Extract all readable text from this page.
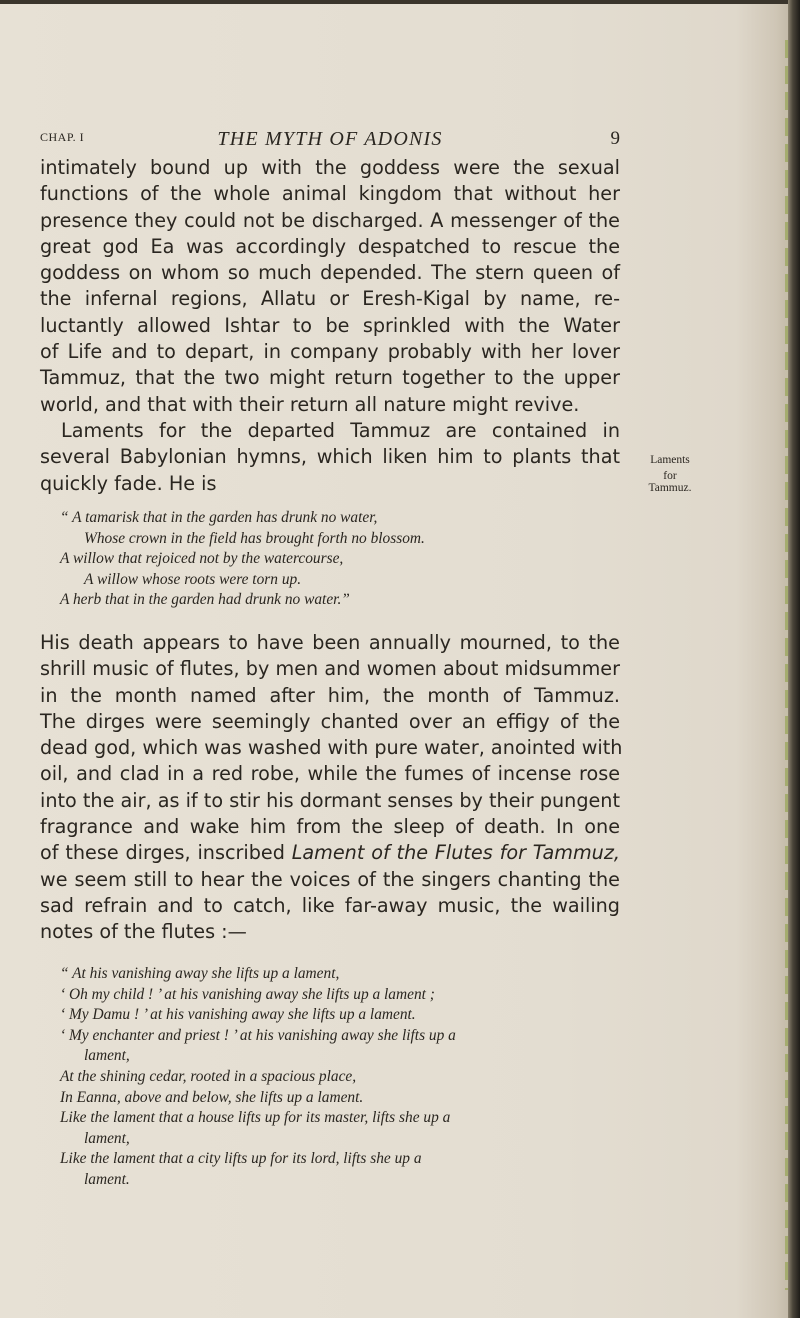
CHAP. I	THE MYTH OF ADONIS	9
intimately bound up with the goddess were the sexual
functions of the whole animal kingdom that without her
presence they could not be discharged. A messenger of the
great god Ea was accordingly despatched to rescue the
goddess on whom so much depended. The stern queen of
the infernal regions, Allatu or Eresh-Kigal by name, re-
luctantly allowed Ishtar to be sprinkled with the Water
of Life and to depart, in company probably with her lover
Tammuz, that the two might return together to the upper
world, and that with their return all nature might revive.
Laments for the departed Tammuz are contained in
several Babylonian hymns, which liken him to plants that
quickly fade. He is
Laments
for
Tammuz.
“ A tamarisk that in the garden has drunk no water,
Whose crown in the field has brought forth no blossom.
A willow that rejoiced not by the watercourse,
A willow whose roots were torn up.
A herb that in the garden had drunk no water.”
His death appears to have been annually mourned, to the
shrill music of flutes, by men and women about midsummer
in the month named after him, the month of Tammuz.
The dirges were seemingly chanted over an effigy of the
dead god, which was washed with pure water, anointed with
oil, and clad in a red robe, while the fumes of incense rose
into the air, as if to stir his dormant senses by their pungent
fragrance and wake him from the sleep of death. In one
of these dirges, inscribed Lament of the Flutes for Tammuz,
we seem still to hear the voices of the singers chanting the
sad refrain and to catch, like far-away music, the wailing
notes of the flutes :—
“ At his vanishing away she lifts up a lament,
‘ Oh my child ! ’ at his vanishing away she lifts up a lament ;
‘ My Damu ! ’ at his vanishing away she lifts up a lament.
‘ My enchanter and priest ! ’ at his vanishing away she lifts up a
lament,
At the shining cedar, rooted in a spacious place,
In Eanna, above and below, she lifts up a lament.
Like the lament that a house lifts up for its master, lifts she up a
lament,
Like the lament that a city lifts up for its lord, lifts she up a
lament.
